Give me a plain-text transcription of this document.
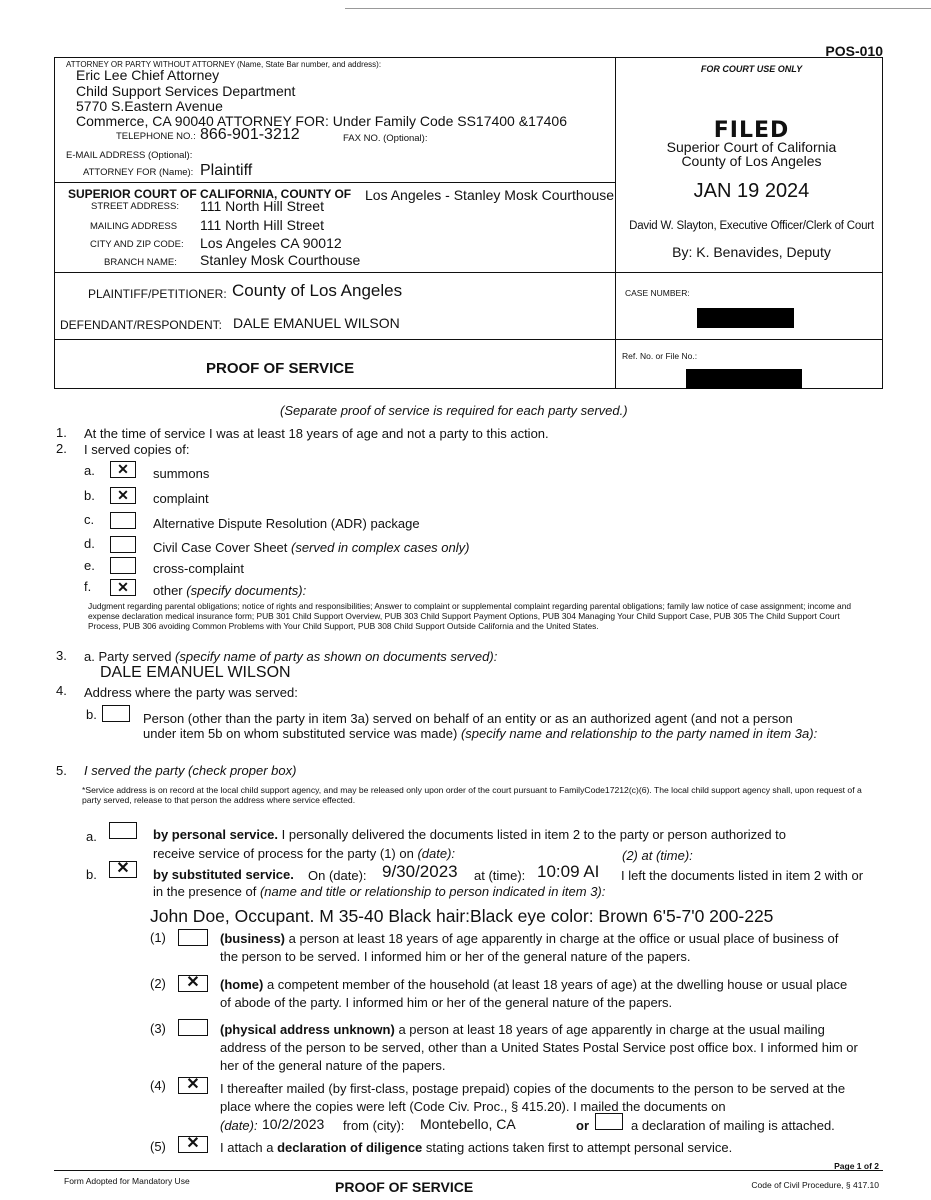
POS-010
ATTORNEY OR PARTY WITHOUT ATTORNEY (Name, State Bar number, and address):
Eric Lee Chief Attorney
Child Support Services Department
5770 S.Eastern Avenue
Commerce, CA 90040 ATTORNEY FOR: Under Family Code SS17400 &17406
TELEPHONE NO.: 866-901-3212	FAX NO. (Optional):
E-MAIL ADDRESS (Optional):
ATTORNEY FOR (Name): Plaintiff
SUPERIOR COURT OF CALIFORNIA, COUNTY OF Los Angeles - Stanley Mosk Courthouse
STREET ADDRESS: 111 North Hill Street
MAILING ADDRESS 111 North Hill Street
CITY AND ZIP CODE: Los Angeles CA 90012
BRANCH NAME: Stanley Mosk Courthouse
FOR COURT USE ONLY
FILED
Superior Court of California
County of Los Angeles
JAN 19 2024
David W. Slayton, Executive Officer/Clerk of Court
By: K. Benavides, Deputy
PLAINTIFF/PETITIONER: County of Los Angeles
DEFENDANT/RESPONDENT: DALE EMANUEL WILSON
CASE NUMBER:
PROOF OF SERVICE
Ref. No. or File No.:
(Separate proof of service is required for each party served.)
1. At the time of service I was at least 18 years of age and not a party to this action.
2. I served copies of:
a.	✕	summons
b.	✕	complaint
c.	Alternative Dispute Resolution (ADR) package
d.	Civil Case Cover Sheet (served in complex cases only)
e.	cross-complaint
f.	✕	other (specify documents):
Judgment regarding parental obligations; notice of rights and responsibilities; Answer to complaint or supplemental complaint regarding parental obligations; family law notice of case assignment; income and expense declaration medical insurance form; PUB 301 Child Support Overview, PUB 303 Child Support Payment Options, PUB 304 Managing Your Child Support Case, PUB 305 The Child Support Court Process, PUB 306 avoiding Common Problems with Your Child Support, PUB 308 Child Support Outside California and the United States.
3. a. Party served (specify name of party as shown on documents served):
DALE EMANUEL WILSON
4. Address where the party was served:
b.	Person (other than the party in item 3a) served on behalf of an entity or as an authorized agent (and not a person
under item 5b on whom substituted service was made) (specify name and relationship to the party named in item 3a):
5. I served the party (check proper box)
*Service address is on record at the local child support agency, and may be released only upon order of the court pursuant to FamilyCode17212(c)(6). The local child support agency shall, upon request of a party served, release to that person the address where service effected.
a.	by personal service. I personally delivered the documents listed in item 2 to the party or person authorized to
receive service of process for the party (1) on (date):	(2) at (time):
b.	✕	by substituted service. On (date): 9/30/2023 at (time): 10:09 AI I left the documents listed in item 2 with or
in the presence of (name and title or relationship to person indicated in item 3):
John Doe, Occupant. M 35-40 Black hair:Black eye color: Brown 6'5-7'0 200-225
(1)	(business) a person at least 18 years of age apparently in charge at the office or usual place of business of the person to be served. I informed him or her of the general nature of the papers.
(2)	✕	(home) a competent member of the household (at least 18 years of age) at the dwelling house or usual place of abode of the party. I informed him or her of the general nature of the papers.
(3)	(physical address unknown) a person at least 18 years of age apparently in charge at the usual mailing address of the person to be served, other than a United States Postal Service post office box. I informed him or her of the general nature of the papers.
(4)	✕	I thereafter mailed (by first-class, postage prepaid) copies of the documents to the person to be served at the place where the copies were left (Code Civ. Proc., § 415.20). I mailed the documents on
(date): 10/2/2023 from (city): Montebello, CA	or	a declaration of mailing is attached.
(5)	✕	I attach a declaration of diligence stating actions taken first to attempt personal service.
Page 1 of 2
Form Adopted for Mandatory Use	PROOF OF SERVICE	Code of Civil Procedure, § 417.10
